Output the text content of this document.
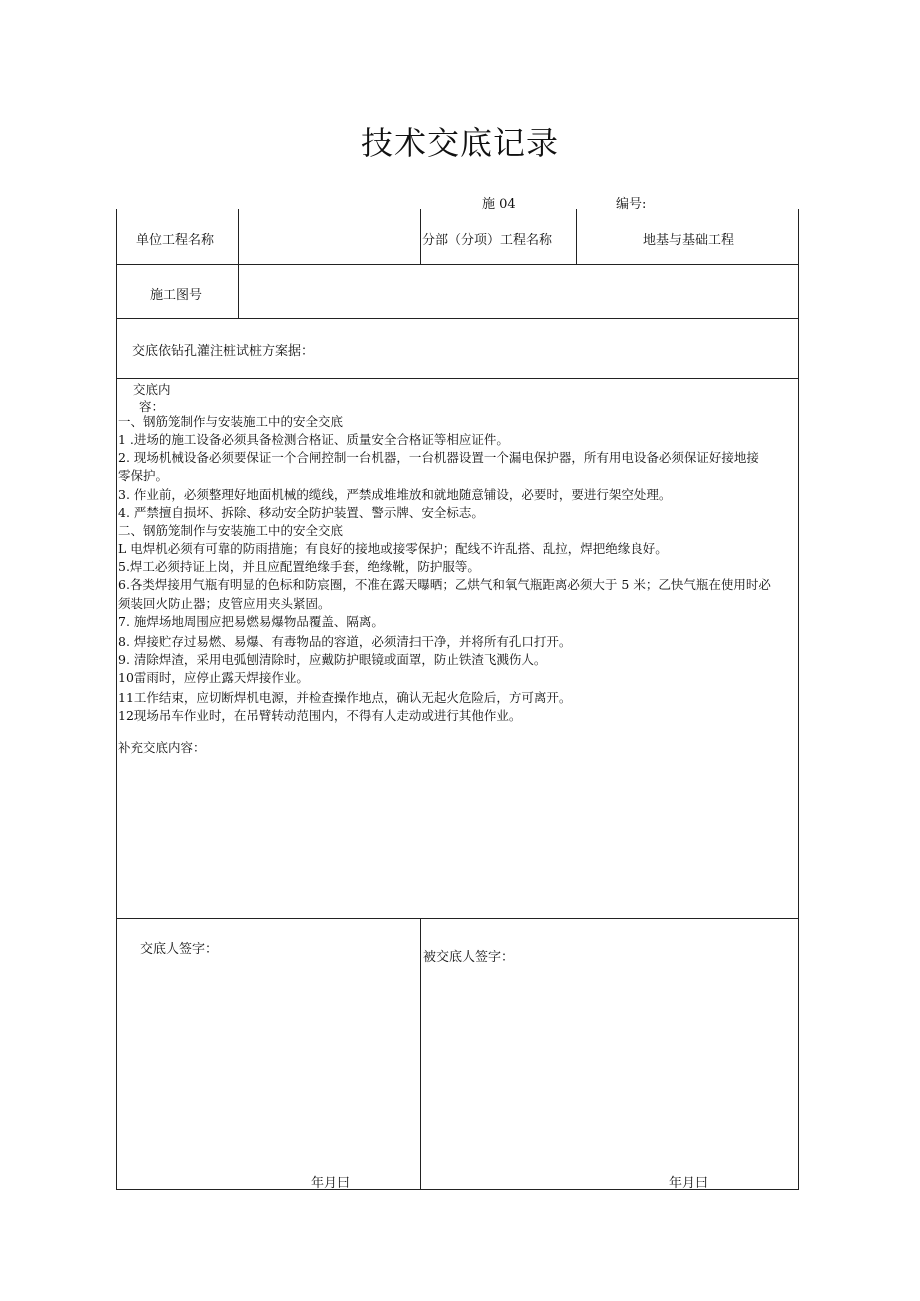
技术交底记录
施 04	编号:
单位工程名称	分部（分项）工程名称	地基与基础工程
施工图号
交底依钻孔灌注桩试桩方案据：
交底内
容：
一、钢筋笼制作与安装施工中的安全交底
1 .进场的施工设备必须具备检测合格证、质量安全合格证等相应证件。
2. 现场机械设备必须要保证一个合闸控制一台机器，一台机器设置一个漏电保护器，所有用电设备必须保证好接地接
零保护。
3. 作业前，必须整理好地面机械的缆线，严禁成堆堆放和就地随意铺设，必要时，要进行架空处理。
4. 严禁擅自损坏、拆除、移动安全防护装置、警示牌、安全标志。
二、钢筋笼制作与安装施工中的安全交底
L 电焊机必须有可靠的防雨措施；有良好的接地或接零保护；配线不许乱搭、乱拉，焊把绝缘良好。
5.焊工必须持证上岗，并且应配置绝缘手套，绝缘靴，防护服等。
6.各类焊接用气瓶有明显的色标和防宸圈，不准在露天曝晒；乙烘气和氧气瓶距离必须大于 5 米；乙快气瓶在使用时必
须装回火防止器；皮管应用夹头紧固。
7. 施焊场地周围应把易燃易爆物品覆盖、隔离。
8. 焊接贮存过易燃、易爆、有毒物品的容道，必须清扫干净，并将所有孔口打开。
9. 清除焊渣，采用电弧刨清除时，应戴防护眼镜或面罩，防止铁渣飞溅伤人。
10雷雨时，应停止露天焊接作业。
11工作结束，应切断焊机电源，并检查操作地点，确认无起火危险后，方可离开。
12现场吊车作业时，在吊臂转动范围内，不得有人走动或进行其他作业。
补充交底内容：
交底人签字：
被交底人签字：
年月曰	年月曰
